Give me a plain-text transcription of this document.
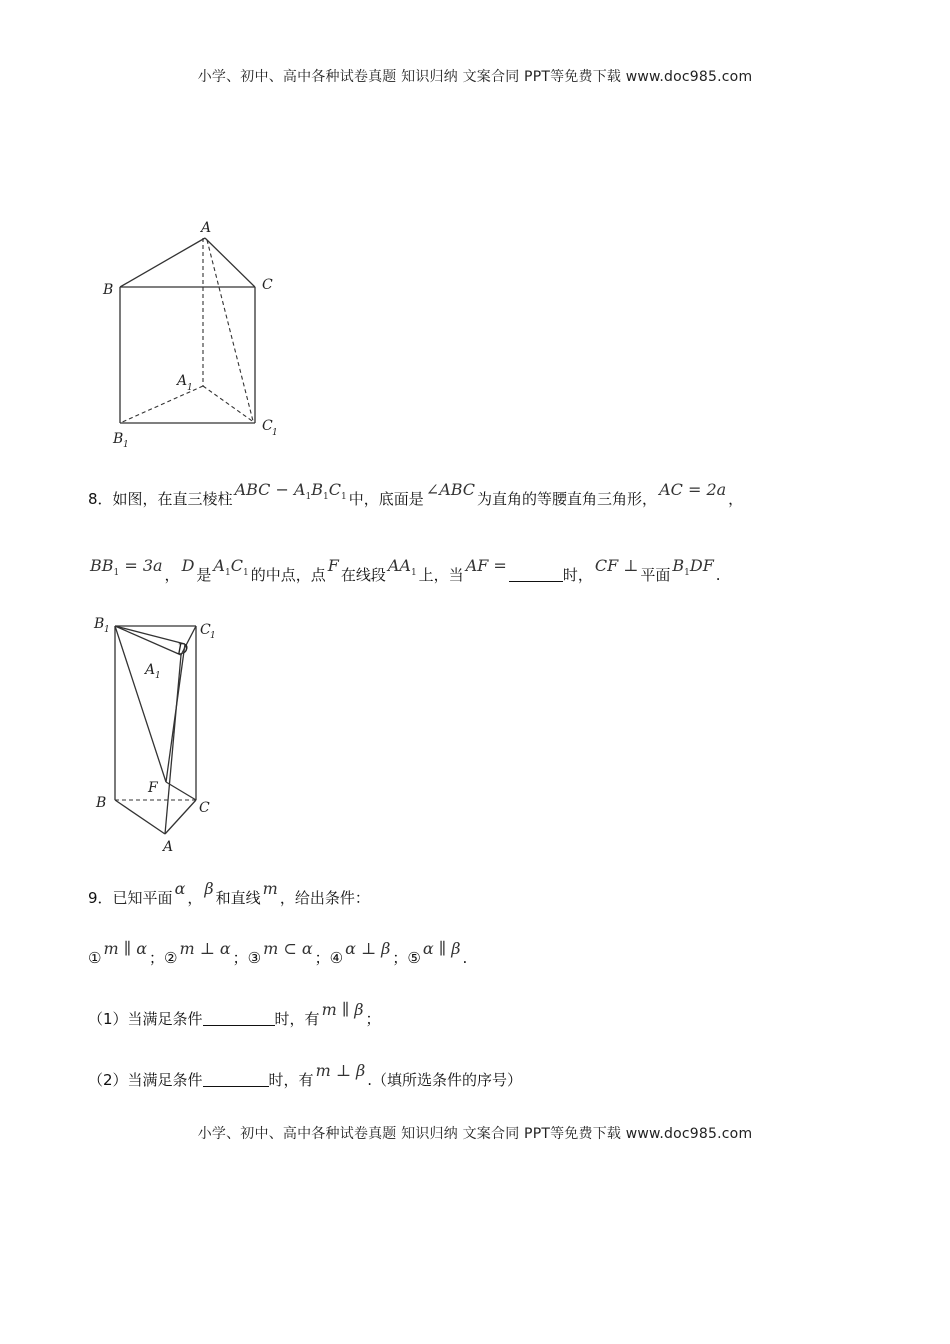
小学、初中、高中各种试卷真题 知识归纳 文案合同 PPT等免费下载 www.doc985.com
A
B	C
A 1
B 1
C 1
8．如图，在直三棱柱 ABC − $A_1B_1C_1$ 中，底面是 ∠ABC 为直角的等腰直角三角形， AC = 2a ，
$BB_1 = 3a$ ， D 是 $A_1C_1$ 的中点，点 F 在线段 $AA_1$ 上，当 AF =	时， CF ⊥ 平面 $B_1DF$ .
B 1	C 1
D
A 1
F
B	C
A
9．已知平面 α ， β 和直线 m ，给出条件：
① m ∥ α ；② m ⊥ α ；③ m ⊂ α ；④ α ⊥ β ；⑤ α ∥ β .
（1）当满足条件	时，有 m ∥ β ；
（2）当满足条件	时，有 m ⊥ β .（填所选条件的序号）
小学、初中、高中各种试卷真题 知识归纳 文案合同 PPT等免费下载 www.doc985.com
